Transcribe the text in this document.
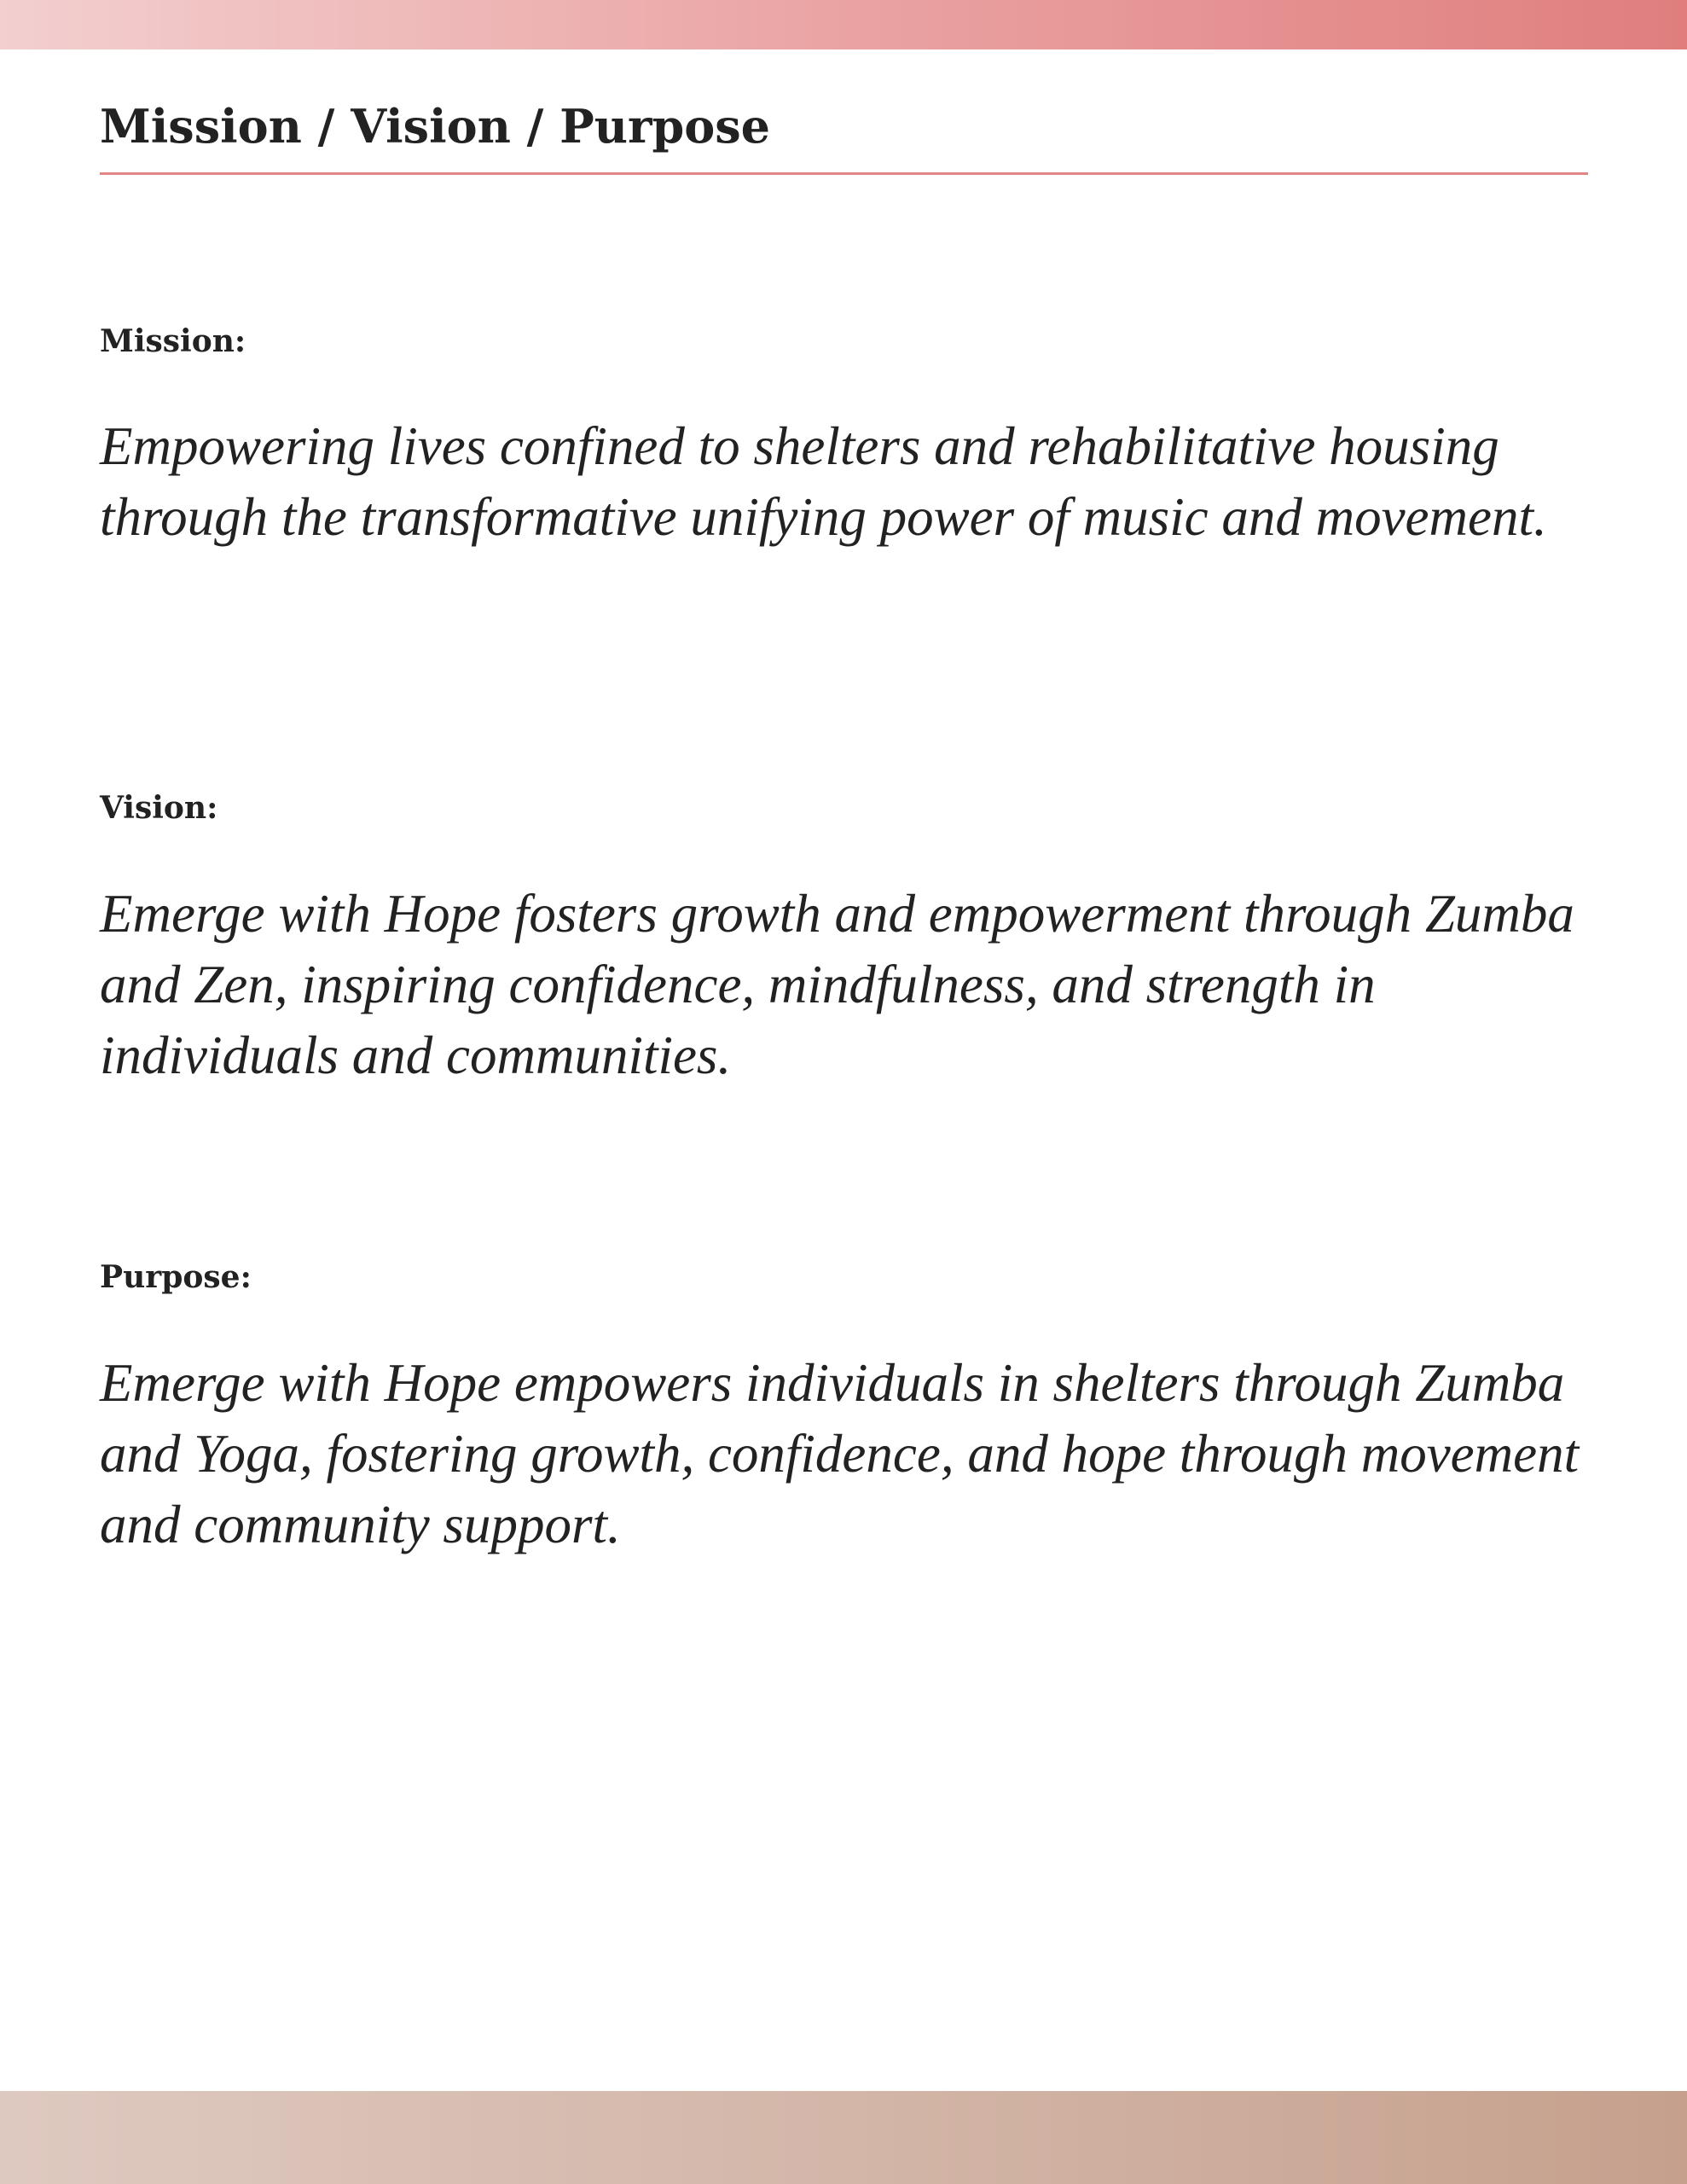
Mission / Vision / Purpose
Mission:

Empowering lives confined to shelters and rehabilitative housing through the transformative unifying power of music and movement.

Vision:

Emerge with Hope fosters growth and empowerment through Zumba and Zen, inspiring confidence, mindfulness, and strength in individuals and communities.

Purpose:

Emerge with Hope empowers individuals in shelters through Zumba and Yoga, fostering growth, confidence, and hope through movement and community support.
